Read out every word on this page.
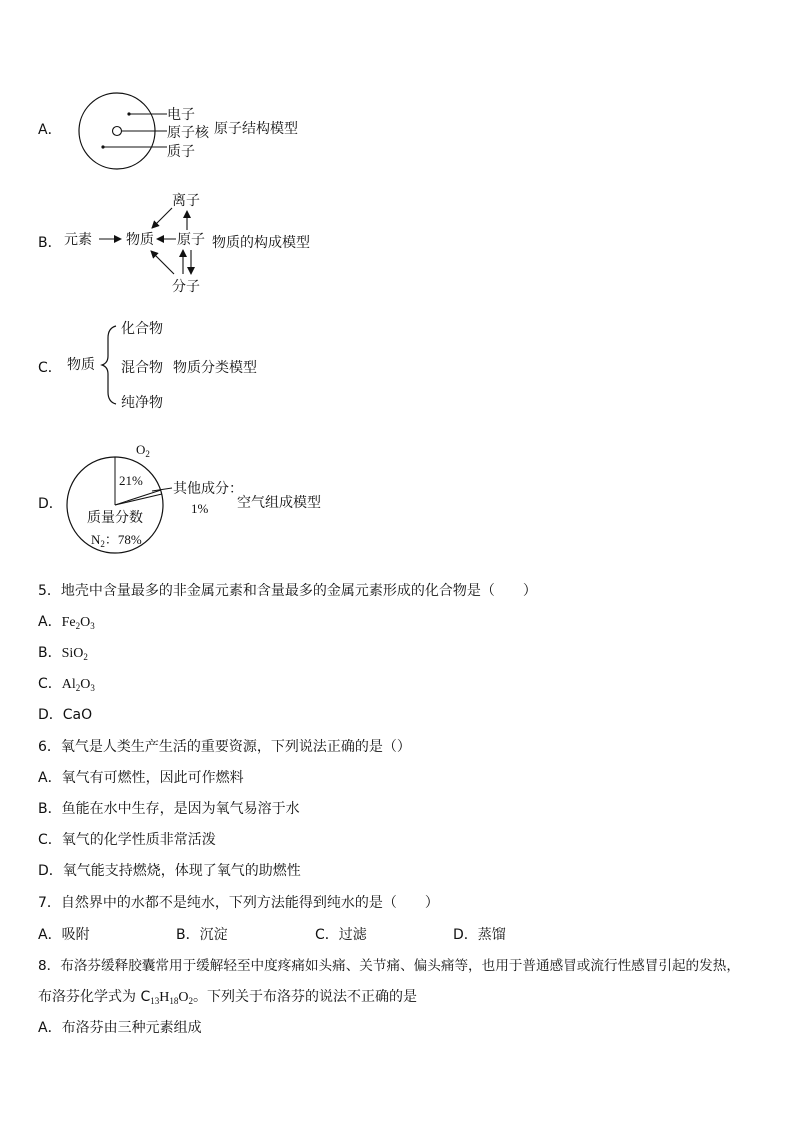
A．
电子
原子核 原子结构模型
质子
B． 元素 物质 原子
离子
分子
物质的构成模型
C． 物质
化合物
混合物 物质分类模型
纯净物
D．
$O_2$
21%
其他成分：
1% 空气组成模型
质量分数
$N_2$：78%
5．地壳中含量最多的非金属元素和含量最多的金属元素形成的化合物是（　　）
A．$Fe_2O_3$
B．SiO$_2$
C．$Al_2O_3$
D．CaO
6．氧气是人类生产生活的重要资源，下列说法正确的是（）
A．氧气有可燃性，因此可作燃料
B．鱼能在水中生存，是因为氧气易溶于水
C．氧气的化学性质非常活泼
D．氧气能支持燃烧，体现了氧气的助燃性
7．自然界中的水都不是纯水，下列方法能得到纯水的是（　　）
A．吸附	B．沉淀	C．过滤	D．蒸馏
8．布洛芬缓释胶囊常用于缓解轻至中度疼痛如头痛、关节痛、偏头痛等，也用于普通感冒或流行性感冒引起的发热，
布洛芬化学式为 $C_{13}H_{18}O_2$。下列关于布洛芬的说法不正确的是
A．布洛芬由三种元素组成
